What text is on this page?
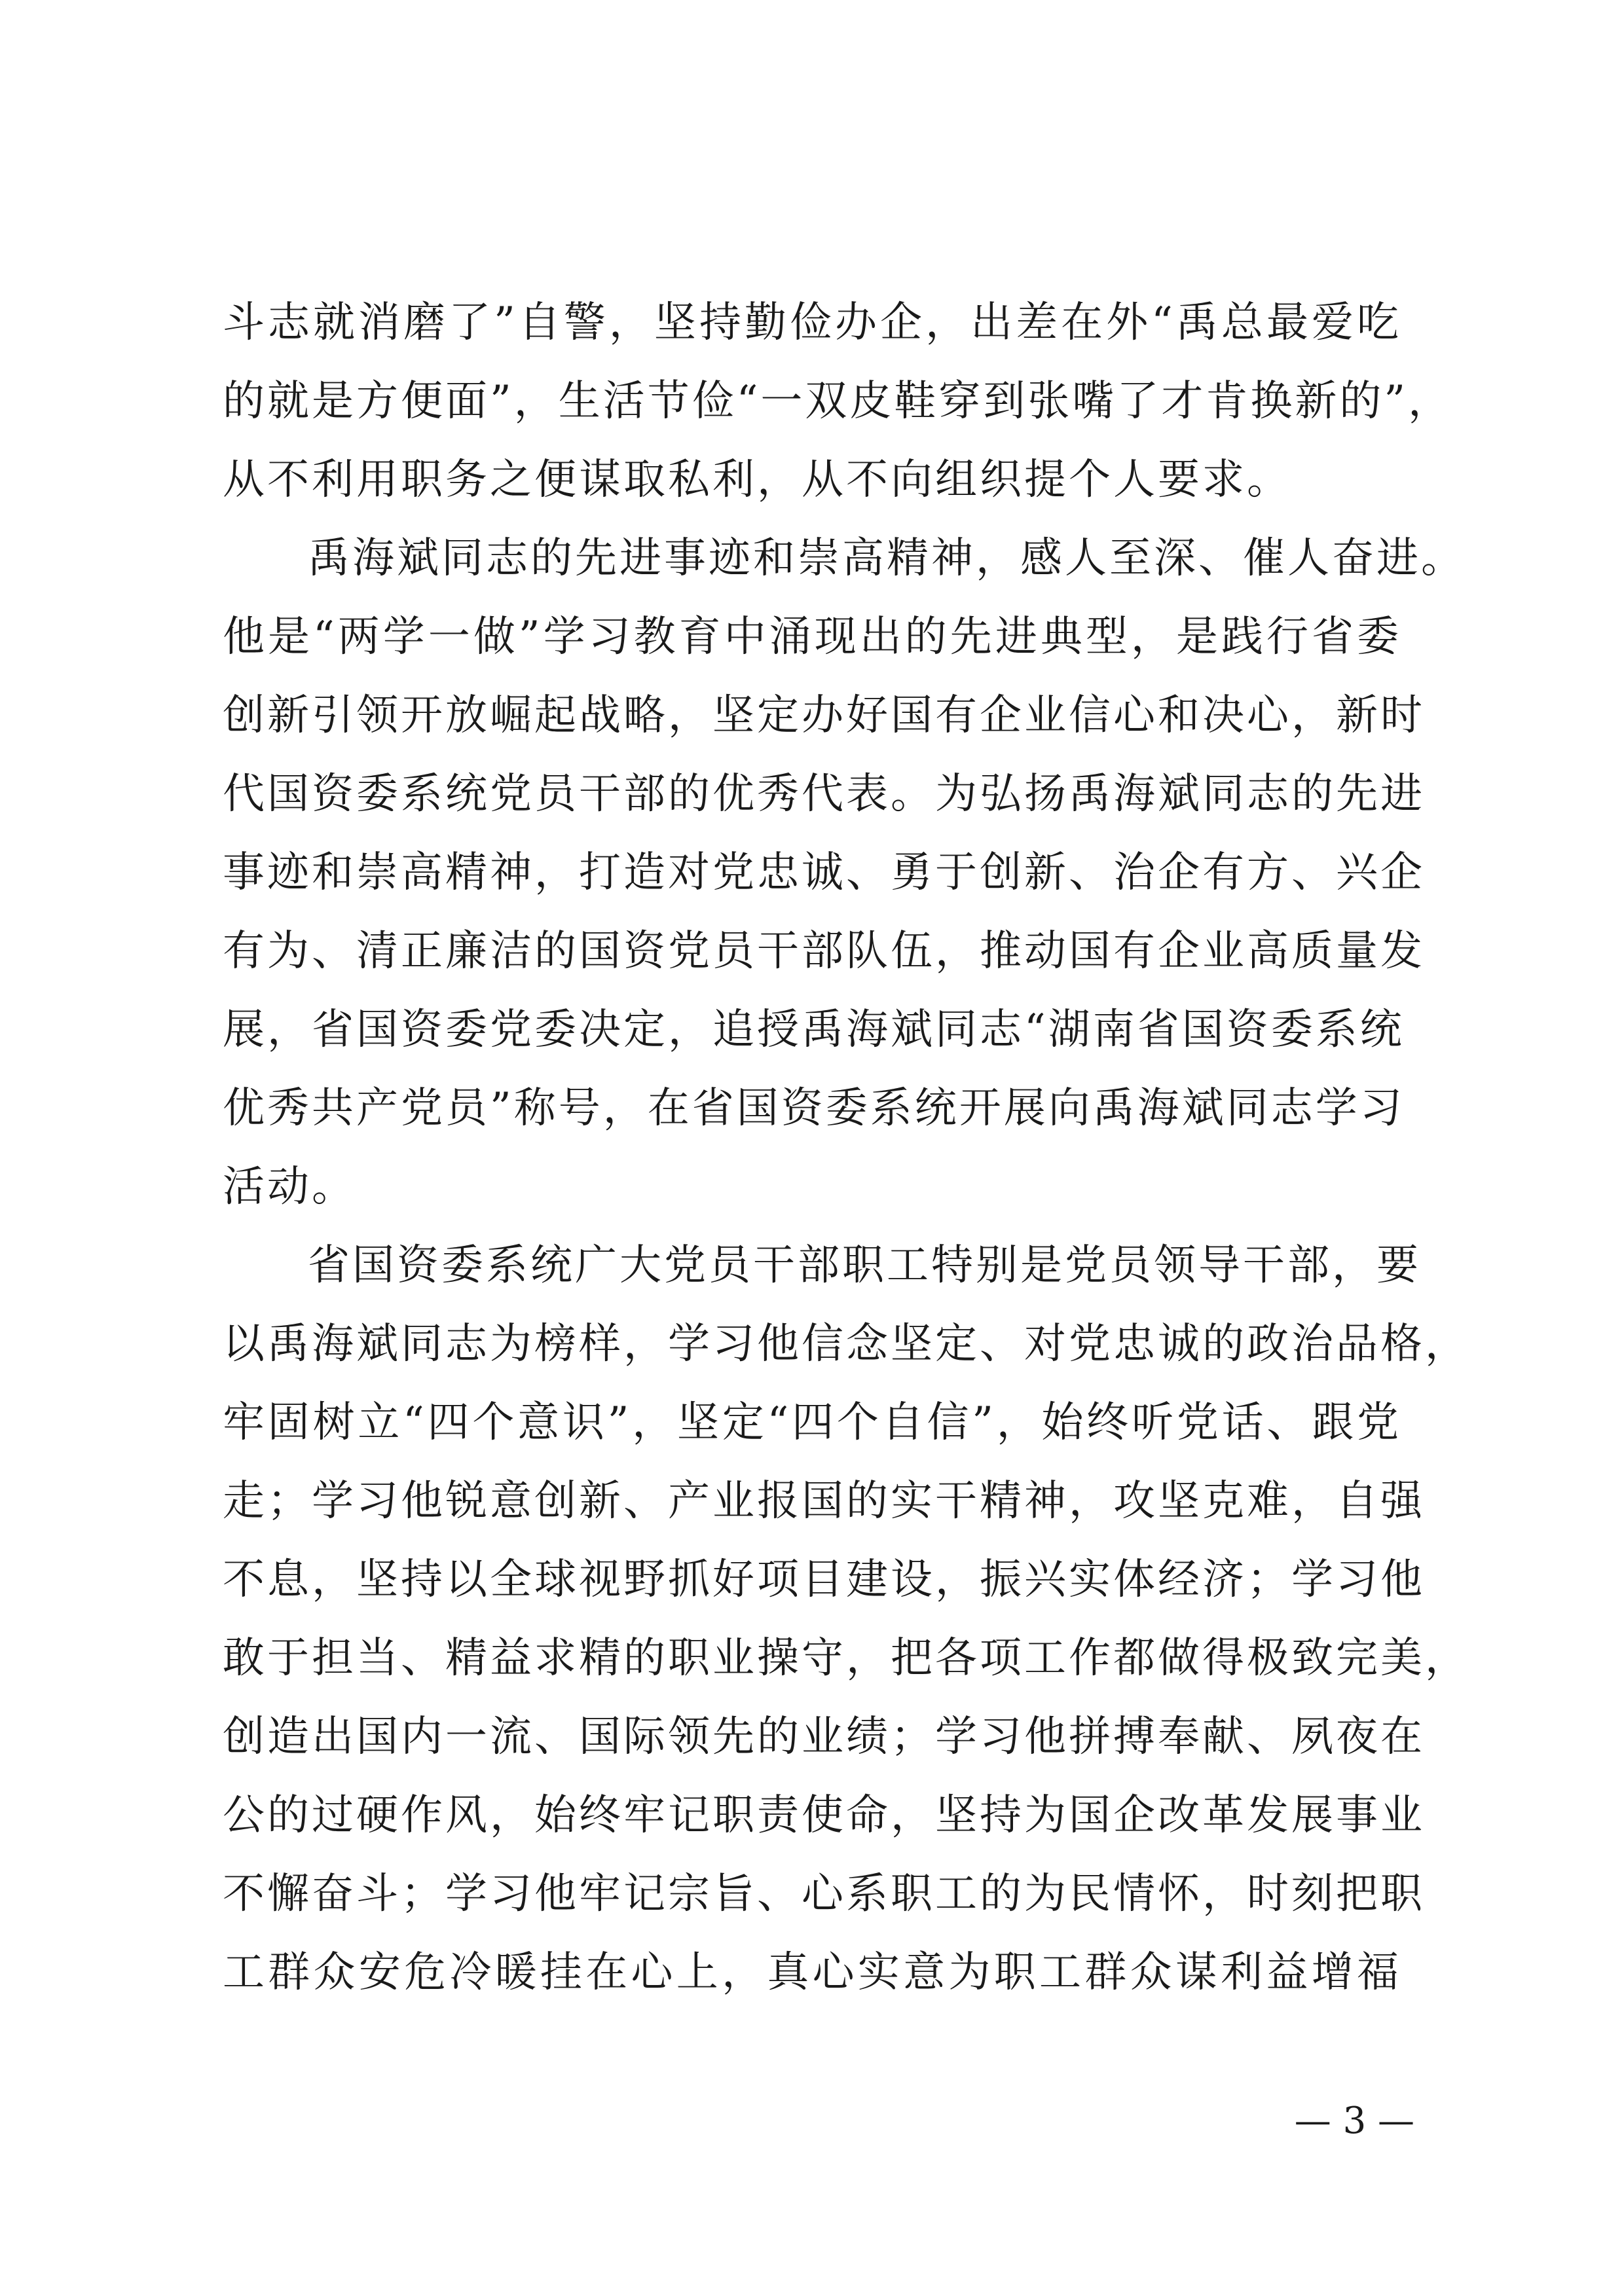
斗志就消磨了”自警，坚持勤俭办企，出差在外“禹总最爱吃
的就是方便面”，生活节俭“一双皮鞋穿到张嘴了才肯换新的”，
从不利用职务之便谋取私利，从不向组织提个人要求。
禹海斌同志的先进事迹和崇高精神，感人至深、催人奋进。
他是“两学一做”学习教育中涌现出的先进典型，是践行省委
创新引领开放崛起战略，坚定办好国有企业信心和决心，新时
代国资委系统党员干部的优秀代表。为弘扬禹海斌同志的先进
事迹和崇高精神，打造对党忠诚、勇于创新、治企有方、兴企
有为、清正廉洁的国资党员干部队伍，推动国有企业高质量发
展，省国资委党委决定，追授禹海斌同志“湖南省国资委系统
优秀共产党员”称号，在省国资委系统开展向禹海斌同志学习
活动。
省国资委系统广大党员干部职工特别是党员领导干部，要
以禹海斌同志为榜样，学习他信念坚定、对党忠诚的政治品格，
牢固树立“四个意识”，坚定“四个自信”，始终听党话、跟党
走；学习他锐意创新、产业报国的实干精神，攻坚克难，自强
不息，坚持以全球视野抓好项目建设，振兴实体经济；学习他
敢于担当、精益求精的职业操守，把各项工作都做得极致完美，
创造出国内一流、国际领先的业绩；学习他拼搏奉献、夙夜在
公的过硬作风，始终牢记职责使命，坚持为国企改革发展事业
不懈奋斗；学习他牢记宗旨、心系职工的为民情怀，时刻把职
工群众安危冷暖挂在心上，真心实意为职工群众谋利益增福
— 3 —
